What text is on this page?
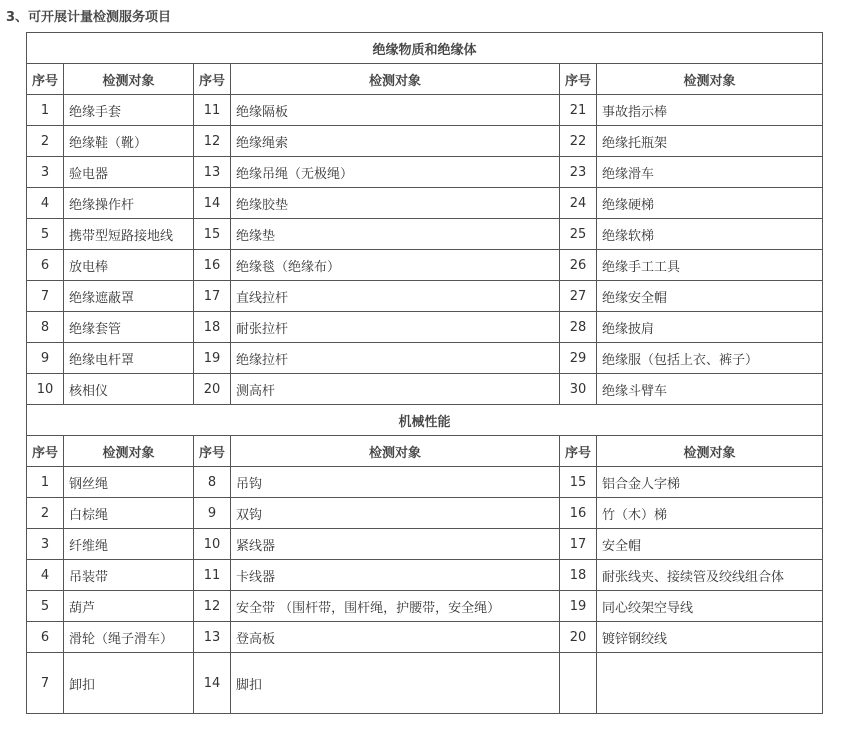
3、可开展计量检测服务项目
绝缘物质和绝缘体					
序号	检测对象	序号	检测对象	序号	检测对象
1	绝缘手套	11	绝缘隔板	21	事故指示棒
2	绝缘鞋（靴）	12	绝缘绳索	22	绝缘托瓶架
3	验电器	13	绝缘吊绳（无极绳）	23	绝缘滑车
4	绝缘操作杆	14	绝缘胶垫	24	绝缘硬梯
5	携带型短路接地线	15	绝缘垫	25	绝缘软梯
6	放电棒	16	绝缘毯（绝缘布）	26	绝缘手工工具
7	绝缘遮蔽罩	17	直线拉杆	27	绝缘安全帽
8	绝缘套管	18	耐张拉杆	28	绝缘披肩
9	绝缘电杆罩	19	绝缘拉杆	29	绝缘服（包括上衣、裤子）
10	核相仪	20	测高杆	30	绝缘斗臂车
机械性能					
序号	检测对象	序号	检测对象	序号	检测对象
1	钢丝绳	8	吊钩	15	铝合金人字梯
2	白棕绳	9	双钩	16	竹（木）梯
3	纤维绳	10	紧线器	17	安全帽
4	吊装带	11	卡线器	18	耐张线夹、接续管及绞线组合体
5	葫芦	12	安全带 （围杆带，围杆绳，护腰带，安全绳）	19	同心绞架空导线
6	滑轮（绳子滑车）	13	登高板	20	镀锌钢绞线
7	卸扣	14	脚扣		
